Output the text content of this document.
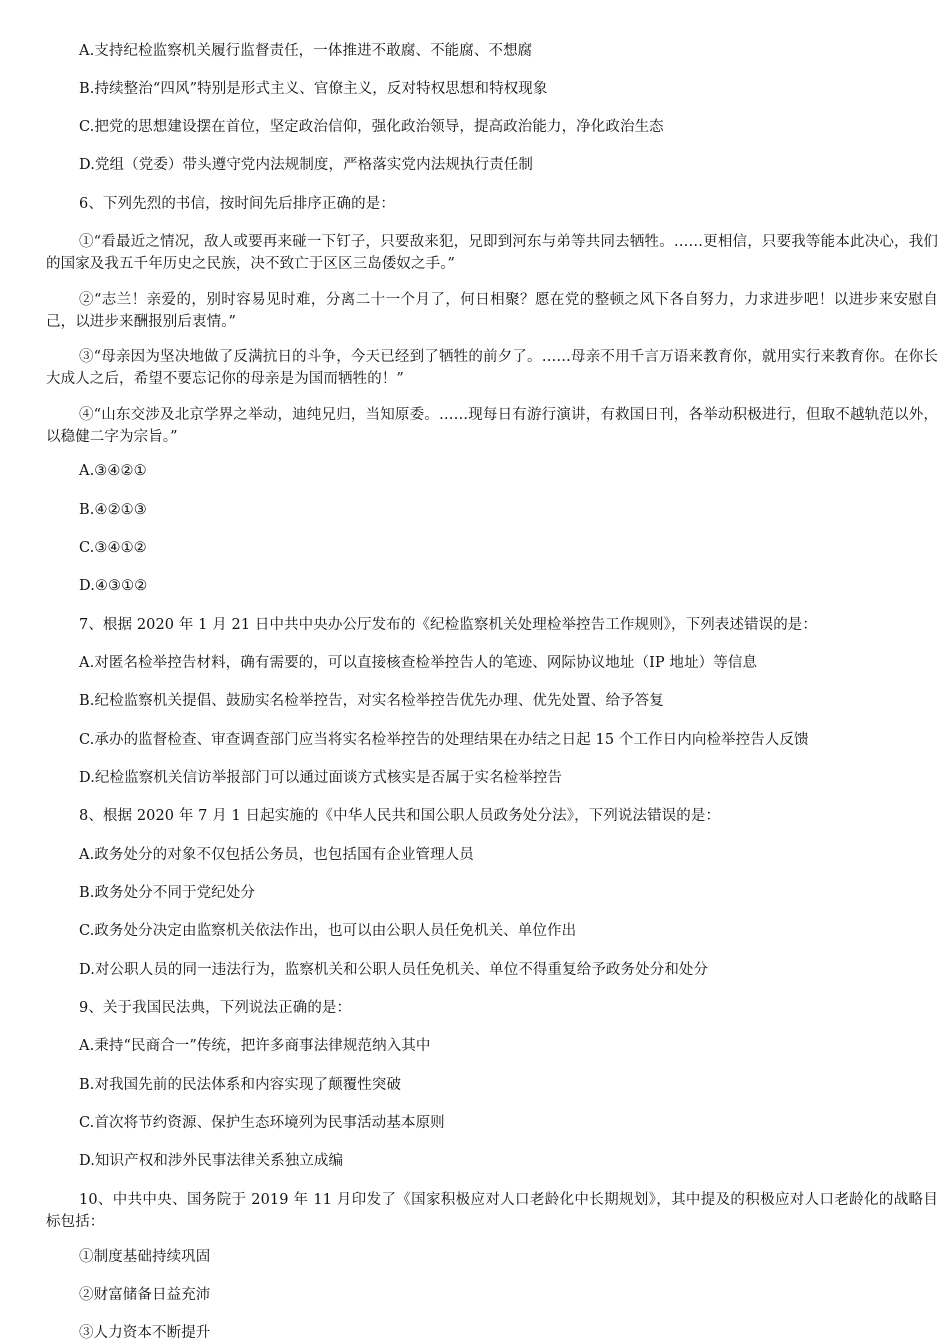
A.支持纪检监察机关履行监督责任，一体推进不敢腐、不能腐、不想腐
B.持续整治“四风”特别是形式主义、官僚主义，反对特权思想和特权现象
C.把党的思想建设摆在首位，坚定政治信仰，强化政治领导，提高政治能力，净化政治生态
D.党组（党委）带头遵守党内法规制度，严格落实党内法规执行责任制
6、下列先烈的书信，按时间先后排序正确的是：
①“看最近之情况，敌人或要再来碰一下钉子，只要敌来犯，兄即到河东与弟等共同去牺牲。……更相信，只要我等能本此决心，我们的国家及我五千年历史之民族，决不致亡于区区三岛倭奴之手。”
②“志兰！亲爱的，别时容易见时难，分离二十一个月了，何日相聚？愿在党的整顿之风下各自努力，力求进步吧！以进步来安慰自己，以进步来酬报别后衷情。”
③“母亲因为坚决地做了反满抗日的斗争，今天已经到了牺牲的前夕了。……母亲不用千言万语来教育你，就用实行来教育你。在你长大成人之后，希望不要忘记你的母亲是为国而牺牲的！”
④“山东交涉及北京学界之举动，迪纯兄归，当知原委。……现每日有游行演讲，有救国日刊，各举动积极进行，但取不越轨范以外，以稳健二字为宗旨。”
A.③④②①
B.④②①③
C.③④①②
D.④③①②
7、根据 2020 年 1 月 21 日中共中央办公厅发布的《纪检监察机关处理检举控告工作规则》，下列表述错误的是：
A.对匿名检举控告材料，确有需要的，可以直接核查检举控告人的笔迹、网际协议地址（IP 地址）等信息
B.纪检监察机关提倡、鼓励实名检举控告，对实名检举控告优先办理、优先处置、给予答复
C.承办的监督检查、审查调查部门应当将实名检举控告的处理结果在办结之日起 15 个工作日内向检举控告人反馈
D.纪检监察机关信访举报部门可以通过面谈方式核实是否属于实名检举控告
8、根据 2020 年 7 月 1 日起实施的《中华人民共和国公职人员政务处分法》，下列说法错误的是：
A.政务处分的对象不仅包括公务员，也包括国有企业管理人员
B.政务处分不同于党纪处分
C.政务处分决定由监察机关依法作出，也可以由公职人员任免机关、单位作出
D.对公职人员的同一违法行为，监察机关和公职人员任免机关、单位不得重复给予政务处分和处分
9、关于我国民法典，下列说法正确的是：
A.秉持“民商合一”传统，把许多商事法律规范纳入其中
B.对我国先前的民法体系和内容实现了颠覆性突破
C.首次将节约资源、保护生态环境列为民事活动基本原则
D.知识产权和涉外民事法律关系独立成编
10、中共中央、国务院于 2019 年 11 月印发了《国家积极应对人口老龄化中长期规划》，其中提及的积极应对人口老龄化的战略目标包括：
①制度基础持续巩固
②财富储备日益充沛
③人力资本不断提升
